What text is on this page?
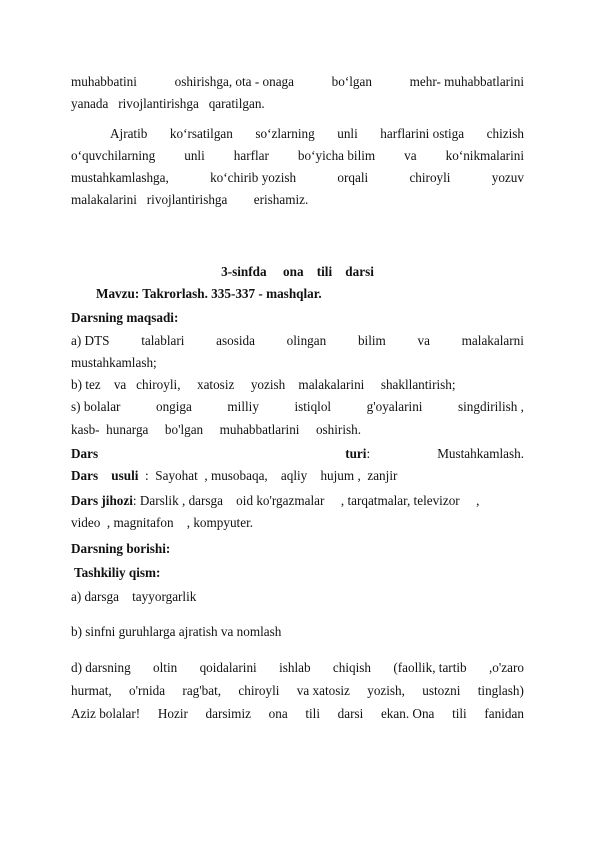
muhabbatini	oshirishga, ota - onaga	bo‘lgan	mehr- muhabbatlarini
yanada   rivojlantirishga   qaratilgan.
Ajratib ko‘rsatilgan so‘zlarning unli harflarini ostiga chizish
o‘quvchilarning unli harflar bo‘yicha bilim va ko‘nikmalarini
mustahkamlashga,	ko‘chirib yozish	orqali	chiroyli	yozuv
malakalarini   rivojlantirishga        erishamiz.
3-sinfda     ona    tili    darsi
Mavzu: Takrorlash. 335-337 - mashqlar.
Darsning maqsadi:
a) DTS talablari asosida olingan bilim va malakalarni
mustahkamlash;
b) tez    va   chiroyli,     xatosiz     yozish    malakalarini     shakllantirish;
s) bolalar	ongiga	milliy	istiqlol	g'oyalarini	singdirilish ,
kasb-  hunarga     bo'lgan     muhabbatlarini     oshirish.
Dars	turi:	Mustahkamlash.
Dars    usuli  :  Sayohat  , musobaqa,    aqliy    hujum ,  zanjir
Dars jihozi: Darslik , darsga    oid ko'rgazmalar     , tarqatmalar, televizor     ,
video  , magnitafon    , kompyuter.
Darsning borishi:
Tashkiliy qism:
a) darsga    tayyorgarlik
b) sinfni guruhlarga ajratish va nomlash
d) darsning oltin qoidalarini ishlab chiqish (faollik, tartib ,o'zaro
hurmat, o'rnida rag'bat, chiroyli va xatosiz yozish, ustozni tinglash)
Aziz bolalar! Hozir darsimiz ona tili darsi ekan. Ona tili fanidan
